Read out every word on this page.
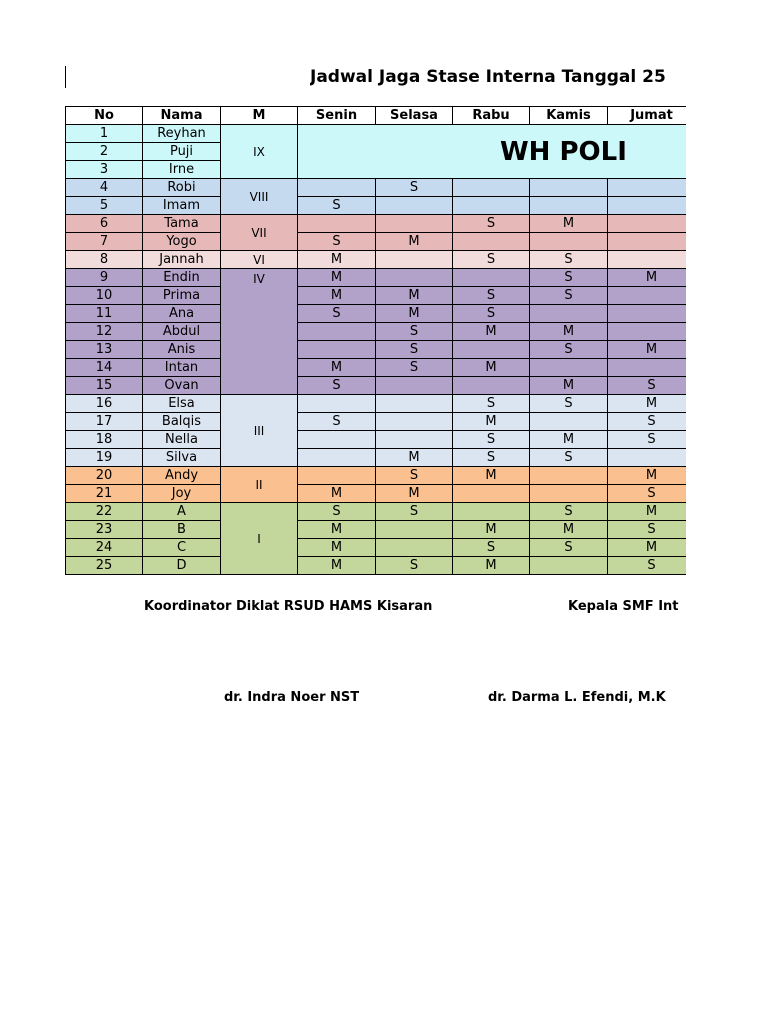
Jadwal Jaga Stase Interna Tanggal 25
No	Nama	M	Senin	Selasa	Rabu	Kamis	Jumat
1	Reyhan	IX	WH POLI				
2	Puji						
3	Irne						
4	Robi	VIII		S			
5	Imam		S				
6	Tama	VII			S	M	
7	Yogo		S	M			
8	Jannah	VI	M		S	S	
9	Endin	IV	M			S	M
10	Prima		M	M	S	S	
11	Ana		S	M	S		
12	Abdul			S	M	M	
13	Anis			S		S	M
14	Intan		M	S	M		
15	Ovan		S			M	S
16	Elsa	III			S	S	M
17	Balqis		S		M		S
18	Nella				S	M	S
19	Silva			M	S	S	
20	Andy	II		S	M		M
21	Joy		M	M			S
22	A	I	S	S		S	M
23	B		M		M	M	S
24	C		M		S	S	M
25	D		M	S	M		S
Koordinator Diklat RSUD HAMS Kisaran	Kepala SMF Int
dr. Indra Noer NST	dr. Darma L. Efendi, M.K
